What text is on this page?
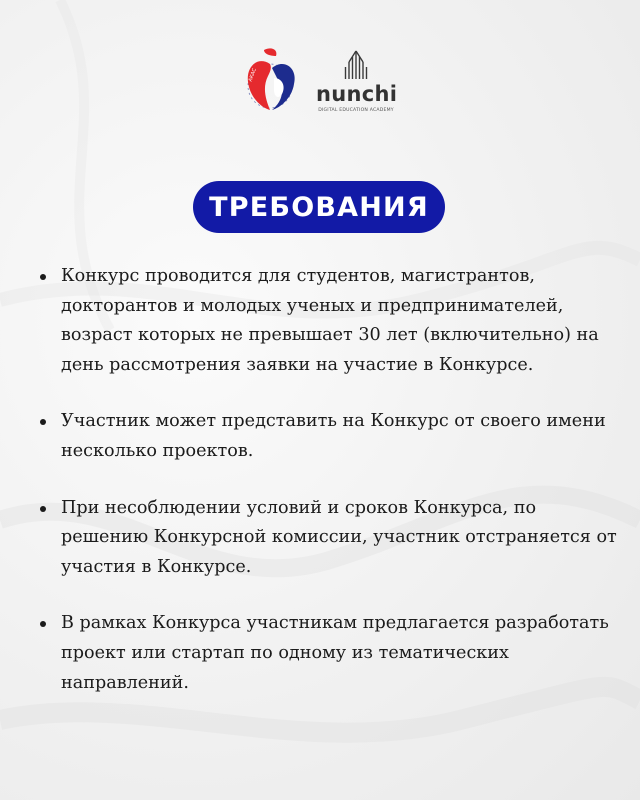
АКАС
nunchi
DIGITAL EDUCATION ACADEMY
ТРЕБОВАНИЯ
Конкурс проводится для студентов, магистрантов, докторантов и молодых ученых и предпринимателей, возраст которых не превышает 30 лет (включительно) на день рассмотрения заявки на участие в Конкурсе.
Участник может представить на Конкурс от своего имени несколько проектов.
При несоблюдении условий и сроков Конкурса, по решению Конкурсной комиссии, участник отстраняется от участия в Конкурсе.
В рамках Конкурса участникам предлагается разработать проект или стартап по одному из тематических направлений.
